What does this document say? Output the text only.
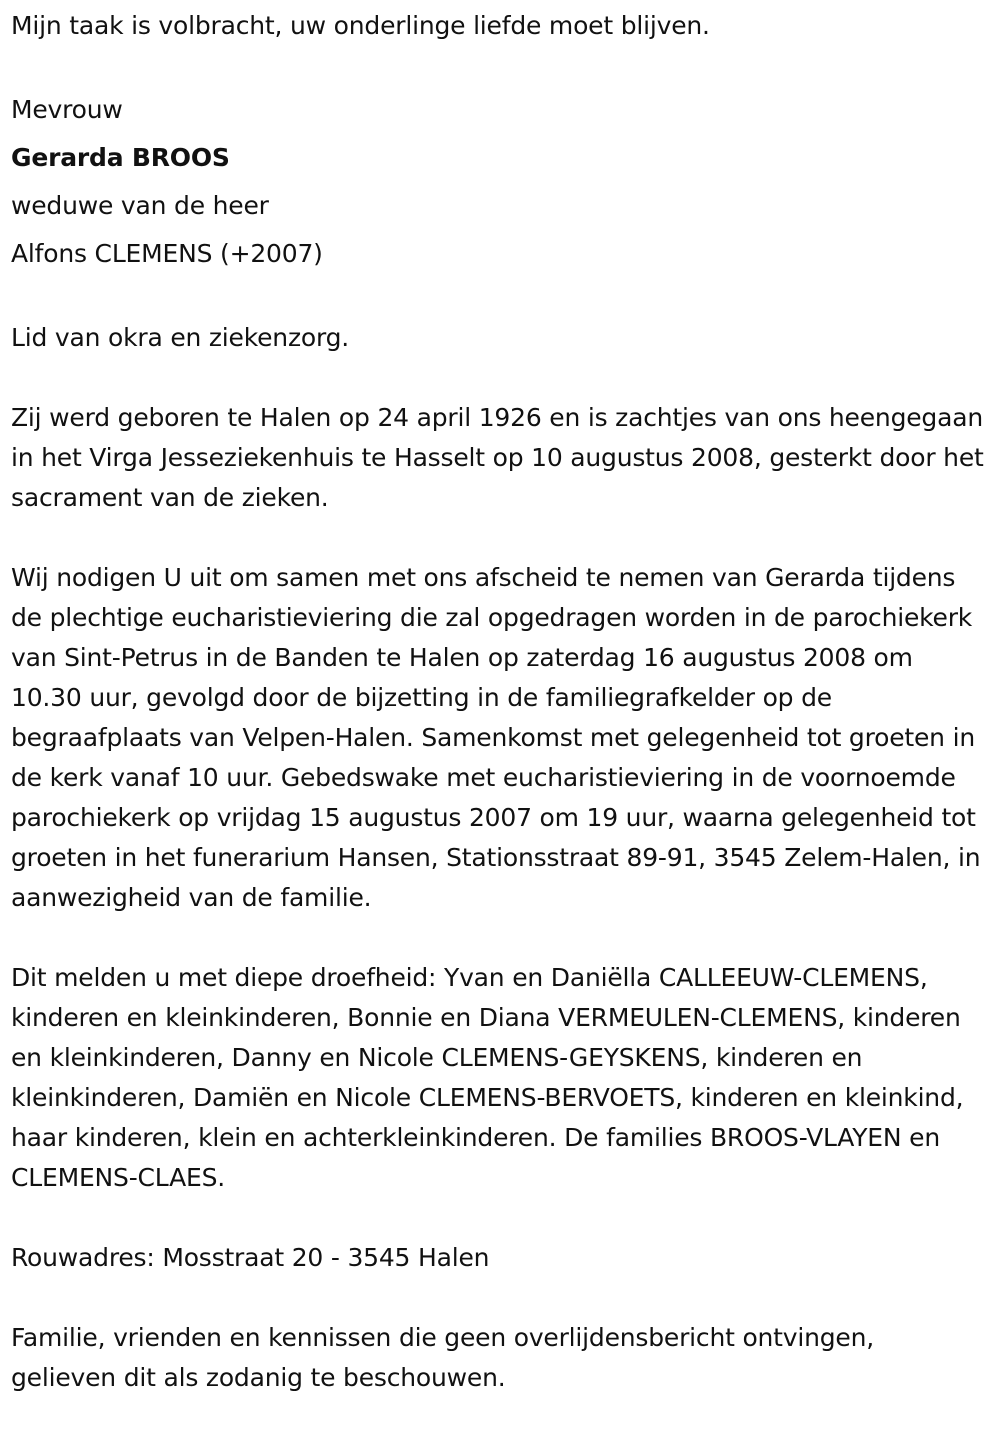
Mijn taak is volbracht, uw onderlinge liefde moet blijven.

Mevrouw

Gerarda BROOS

weduwe van de heer

Alfons CLEMENS (+2007)

Lid van okra en ziekenzorg.

Zij werd geboren te Halen op 24 april 1926 en is zachtjes van ons heengegaan in het Virga Jesseziekenhuis te Hasselt op 10 augustus 2008, gesterkt door het sacrament van de zieken.

Wij nodigen U uit om samen met ons afscheid te nemen van Gerarda tijdens de plechtige eucharistieviering die zal opgedragen worden in de parochiekerk van Sint-Petrus in de Banden te Halen op zaterdag 16 augustus 2008 om 10.30 uur, gevolgd door de bijzetting in de familiegrafkelder op de begraafplaats van Velpen-Halen. Samenkomst met gelegenheid tot groeten in de kerk vanaf 10 uur. Gebedswake met eucharistieviering in de voornoemde parochiekerk op vrijdag 15 augustus 2007 om 19 uur, waarna gelegenheid tot groeten in het funerarium Hansen, Stationsstraat 89-91, 3545 Zelem-Halen, in aanwezigheid van de familie.

Dit melden u met diepe droefheid: Yvan en Daniëlla CALLEEUW-CLEMENS, kinderen en kleinkinderen, Bonnie en Diana VERMEULEN-CLEMENS, kinderen en kleinkinderen, Danny en Nicole CLEMENS-GEYSKENS, kinderen en kleinkinderen, Damiën en Nicole CLEMENS-BERVOETS, kinderen en kleinkind, haar kinderen, klein en achterkleinkinderen. De families BROOS-VLAYEN en CLEMENS-CLAES.

Rouwadres: Mosstraat 20 - 3545 Halen

Familie, vrienden en kennissen die geen overlijdensbericht ontvingen, gelieven dit als zodanig te beschouwen.
